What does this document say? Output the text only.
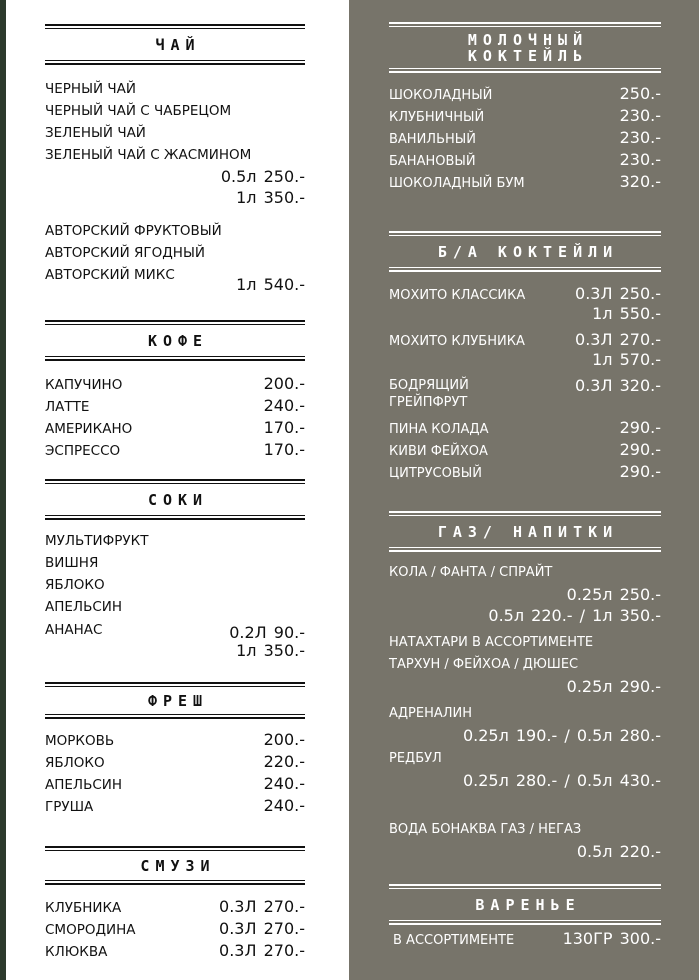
ЧАЙ
ЧЕРНЫЙ ЧАЙ
ЧЕРНЫЙ ЧАЙ С ЧАБРЕЦОМ
ЗЕЛЕНЫЙ ЧАЙ
ЗЕЛЕНЫЙ ЧАЙ С ЖАСМИНОМ
0.5л 250.-
1л 350.-
АВТОРСКИЙ ФРУКТОВЫЙ
АВТОРСКИЙ ЯГОДНЫЙ
АВТОРСКИЙ МИКС	1л 540.-
КОФЕ
КАПУЧИНО	200.-
ЛАТТЕ	240.-
АМЕРИКАНО	170.-
ЭСПРЕССО	170.-
СОКИ
МУЛЬТИФРУКТ
ВИШНЯ
ЯБЛОКО
АПЕЛЬСИН
АНАНАС	0.2Л 90.-
1л 350.-
ФРЕШ
МОРКОВЬ	200.-
ЯБЛОКО	220.-
АПЕЛЬСИН	240.-
ГРУША	240.-
СМУЗИ
КЛУБНИКА	0.3Л 270.-
СМОРОДИНА	0.3Л 270.-
КЛЮКВА	0.3Л 270.-
МОЛОЧНЫЙ
КОКТЕЙЛЬ
ШОКОЛАДНЫЙ	250.-
КЛУБНИЧНЫЙ	230.-
ВАНИЛЬНЫЙ	230.-
БАНАНОВЫЙ	230.-
ШОКОЛАДНЫЙ БУМ	320.-
Б/А КОКТЕЙЛИ
МОХИТО КЛАССИКА	0.3Л 250.-
1л 550.-
МОХИТО КЛУБНИКА	0.3Л 270.-
1л 570.-
БОДРЯЩИЙ
ГРЕЙПФРУТ
0.3Л 320.-
ПИНА КОЛАДА	290.-
КИВИ ФЕЙХОА	290.-
ЦИТРУСОВЫЙ	290.-
ГАЗ/ НАПИТКИ
КОЛА / ФАНТА / СПРАЙТ
0.25л 250.-
0.5л 220.- / 1л 350.-
НАТАХТАРИ В АССОРТИМЕНТЕ
ТАРХУН / ФЕЙХОА / ДЮШЕС
0.25л 290.-
АДРЕНАЛИН
0.25л 190.- / 0.5л 280.-
РЕДБУЛ
0.25л 280.- / 0.5л 430.-
ВОДА БОНАКВА ГАЗ / НЕГАЗ
0.5л 220.-
ВАРЕНЬЕ
В АССОРТИМЕНТЕ	130ГР 300.-
